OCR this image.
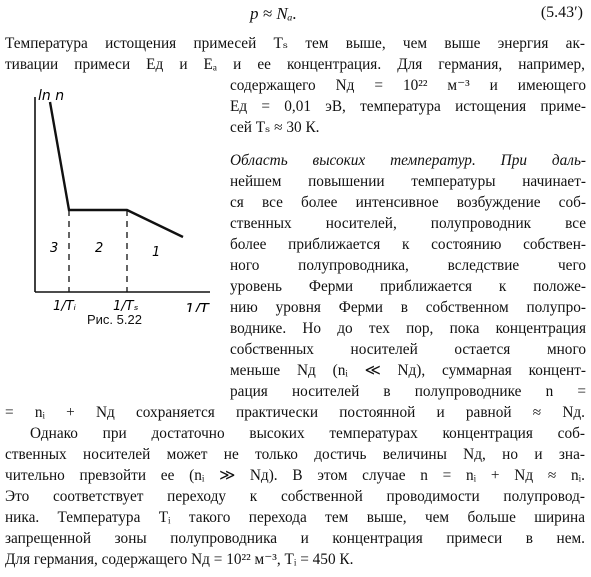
p ≈ Nₐ.	(5.43′)
Температура истощения примесей Tₛ тем выше, чем выше энергия ак-
тивации примеси Eд и Eₐ и ее концентрация. Для германия, например,
ln n
1/T
1/Tᵢ	1/Tₛ
3	2	1
Рис. 5.22
содержащего Nд = 10²² м⁻³ и имеющего
Eд = 0,01 эВ, температура истощения приме-
сей Tₛ ≈ 30 К.
Область высоких температур. При даль-
нейшем повышении температуры начинает-
ся все более интенсивное возбуждение соб-
ственных носителей, полупроводник все
более приближается к состоянию собствен-
ного полупроводника, вследствие чего
уровень Ферми приближается к положе-
нию уровня Ферми в собственном полупро-
воднике. Но до тех пор, пока концентрация
собственных носителей остается много
меньше Nд (nᵢ ≪ Nд), суммарная концент-
рация носителей в полупроводнике n =
= nᵢ + Nд сохраняется практически постоянной и равной ≈ Nд.
Однако при достаточно высоких температурах концентрация соб-
ственных носителей может не только достичь величины Nд, но и зна-
чительно превзойти ее (nᵢ ≫ Nд). В этом случае n = nᵢ + Nд ≈ nᵢ.
Это соответствует переходу к собственной проводимости полупровод-
ника. Температура Tᵢ такого перехода тем выше, чем больше ширина
запрещенной зоны полупроводника и концентрация примеси в нем.
Для германия, содержащего Nд = 10²² м⁻³, Tᵢ = 450 К.
